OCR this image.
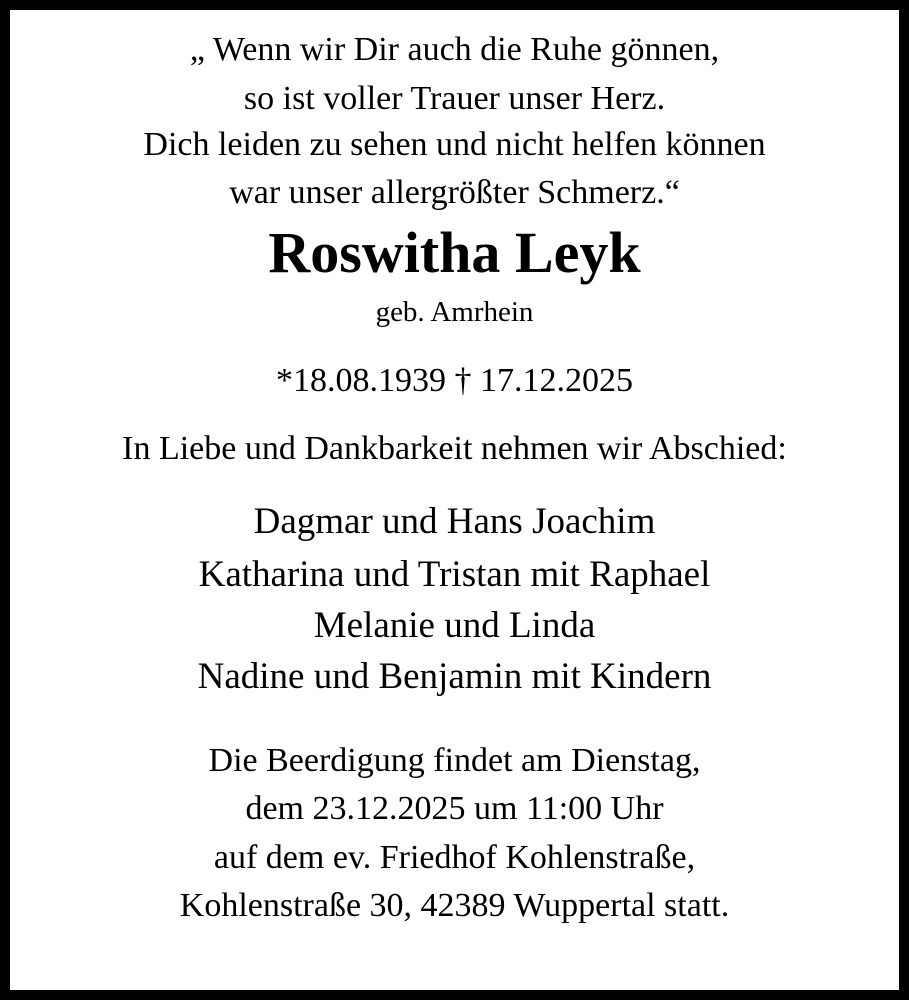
„ Wenn wir Dir auch die Ruhe gönnen,
so ist voller Trauer unser Herz.
Dich leiden zu sehen und nicht helfen können
war unser allergrößter Schmerz.“
Roswitha Leyk
geb. Amrhein
*18.08.1939 † 17.12.2025
In Liebe und Dankbarkeit nehmen wir Abschied:
Dagmar und Hans Joachim
Katharina und Tristan mit Raphael
Melanie und Linda
Nadine und Benjamin mit Kindern
Die Beerdigung findet am Dienstag,
dem 23.12.2025 um 11:00 Uhr
auf dem ev. Friedhof Kohlenstraße,
Kohlenstraße 30, 42389 Wuppertal statt.
